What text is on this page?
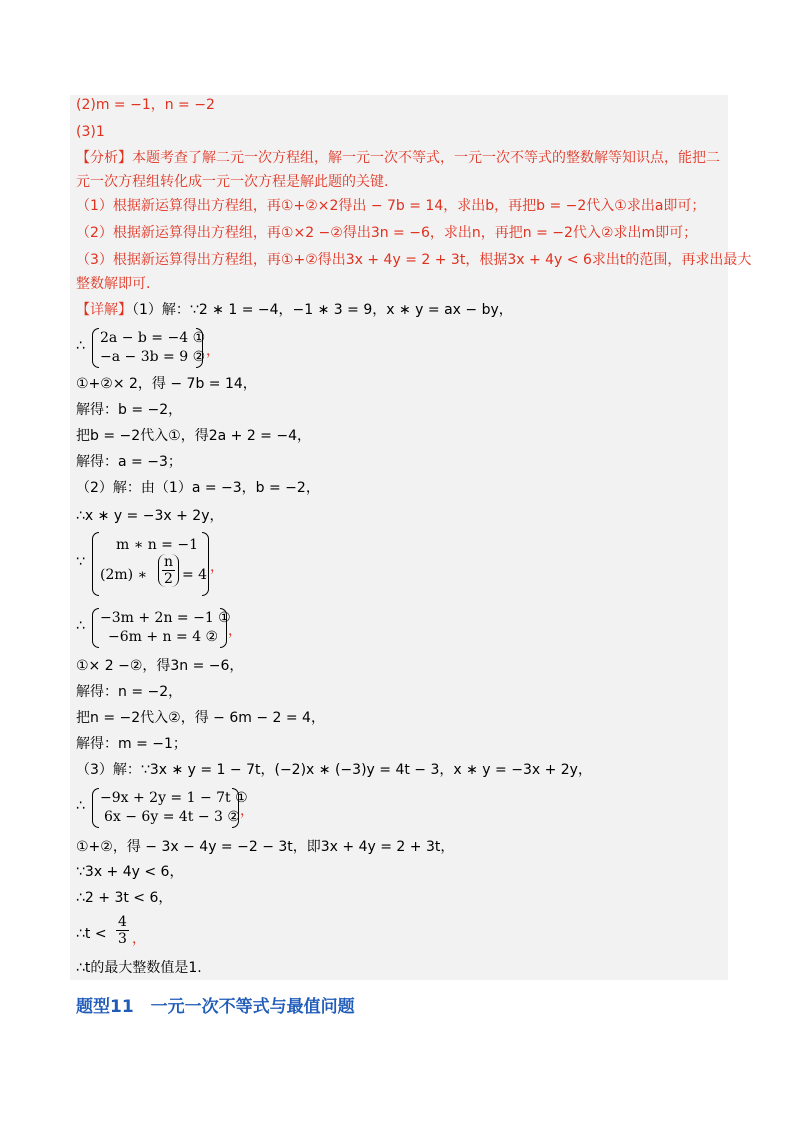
(2)m = −1，n = −2
(3)1
【分析】本题考查了解二元一次方程组，解一元一次不等式，一元一次不等式的整数解等知识点，能把二
元一次方程组转化成一元一次方程是解此题的关键.
（1）根据新运算得出方程组，再①+②×2得出 − 7b = 14，求出b，再把b = −2代入①求出a即可；
（2）根据新运算得出方程组，再①×2 −②得出3n = −6，求出n，再把n = −2代入②求出m即可；
（3）根据新运算得出方程组，再①+②得出3x + 4y = 2 + 3t，根据3x + 4y < 6求出t的范围，再求出最大
整数解即可.
【详解】（1）解：∵2 ∗ 1 = −4，−1 ∗ 3 = 9，x ∗ y = ax − by，
∴ 2a − b = −4 ①
−a − 3b = 9 ② ，
①+②× 2，得 − 7b = 14，
解得：b = −2，
把b = −2代入①，得2a + 2 = −4，
解得：a = −3；
（2）解：由（1）a = −3，b = −2，
∴x ∗ y = −3x + 2y，
∵
m ∗ n = −1
(2m) ∗ $\frac{n}{2} = 4$ ，
∴ −3m + 2n = −1 ①
−6m + n = 4 ② ，
①× 2 −②，得3n = −6，
解得：n = −2，
把n = −2代入②，得 − 6m − 2 = 4，
解得：m = −1；
（3）解：∵3x ∗ y = 1 − 7t，(−2)x ∗ (−3)y = 4t − 3，x ∗ y = −3x + 2y，
∴ −9x + 2y = 1 − 7t ①
6x − 6y = 4t − 3 ② ，
①+②，得 − 3x − 4y = −2 − 3t，即3x + 4y = 2 + 3t，
∵3x + 4y < 6，
∴2 + 3t < 6，
∴t < $\frac{4}{3}$ ，
∴t的最大整数值是1.
题型11　一元一次不等式与最值问题
